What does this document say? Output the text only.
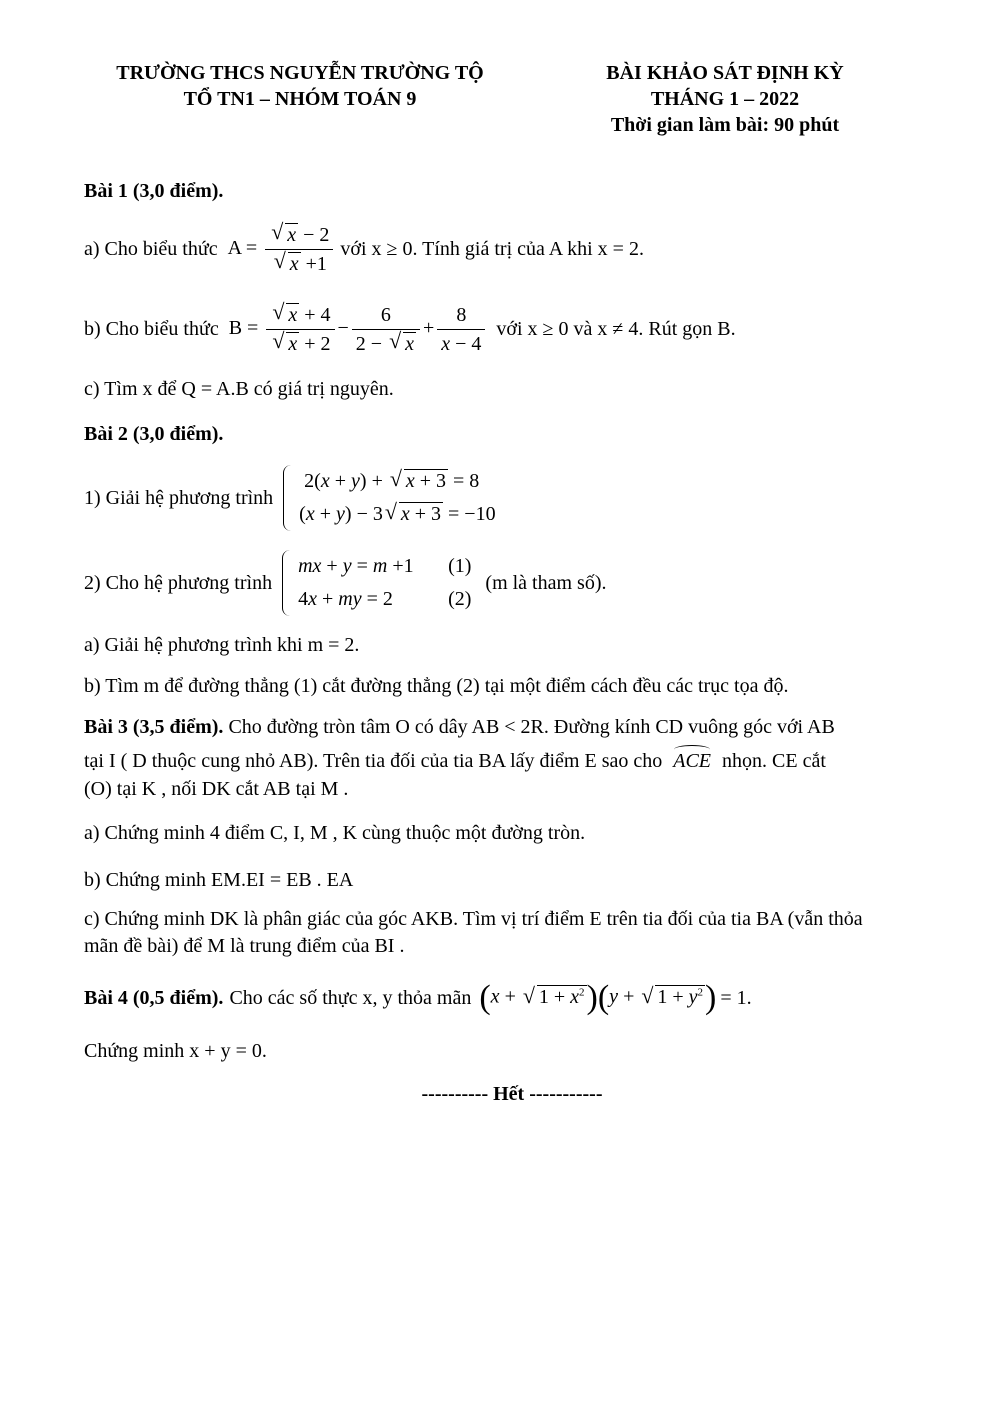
TRƯỜNG THCS NGUYỄN TRƯỜNG TỘ
TỔ TN1 – NHÓM TOÁN 9
BÀI KHẢO SÁT ĐỊNH KỲ
THÁNG 1 – 2022
Thời gian làm bài: 90 phút
Bài 1 (3,0 điểm).
a) Cho biểu thức A = √ x − 2
√ x +1 với x ≥ 0. Tính giá trị của A khi x = 2.
b) Cho biểu thức B = √ x + 4
√ $x + 2 - \frac{6}{2 - √ x} + \frac{8}{x - 4}$ với x ≥ 0 và x ≠ 4. Rút gọn B.
c) Tìm x để Q = A.B có giá trị nguyên.
Bài 2 (3,0 điểm).
1) Giải hệ phương trình
2(x + y) + √ x + 3 = 8
(x + y) − 3 √ x + 3 = −10
2) Cho hệ phương trình
mx + y = m +1 (1)
4x + my = 2	(2)
(m là tham số).
a) Giải hệ phương trình khi m = 2.
b) Tìm m để đường thẳng (1) cắt đường thẳng (2) tại một điểm cách đều các trục tọa độ.
Bài 3 (3,5 điểm). Cho đường tròn tâm O có dây AB < 2R. Đường kính CD vuông góc với AB
tại I ( D thuộc cung nhỏ AB). Trên tia đối của tia BA lấy điểm E sao cho ACE nhọn. CE cắt
(O) tại K , nối DK cắt AB tại M .
a) Chứng minh 4 điểm C, I, M , K cùng thuộc một đường tròn.
b) Chứng minh EM.EI = EB . EA
c) Chứng minh DK là phân giác của góc AKB. Tìm vị trí điểm E trên tia đối của tia BA (vẫn thỏa
mãn đề bài) để M là trung điểm của BI .
Bài 4 (0,5 điểm). Cho các số thực x, y thỏa mãn (x + √ $1 + x^2)(y$ + √ $1 + y^2) = 1$.
Chứng minh x + y = 0.
---------- Hết -----------
